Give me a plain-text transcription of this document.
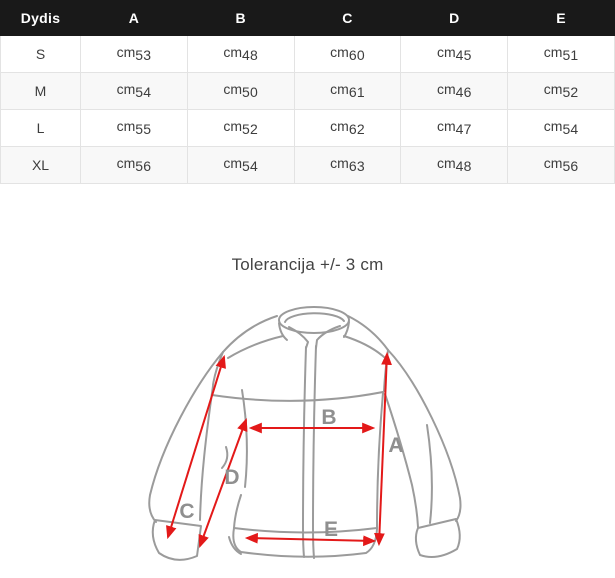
Dydis	A	B	C	D	E
S	cm53	cm48	cm60	cm45	cm51
M	cm54	cm50	cm61	cm46	cm52
L	cm55	cm52	cm62	cm47	cm54
XL	cm56	cm54	cm63	cm48	cm56
Tolerancija +/- 3 cm
A
B
C
D
E
